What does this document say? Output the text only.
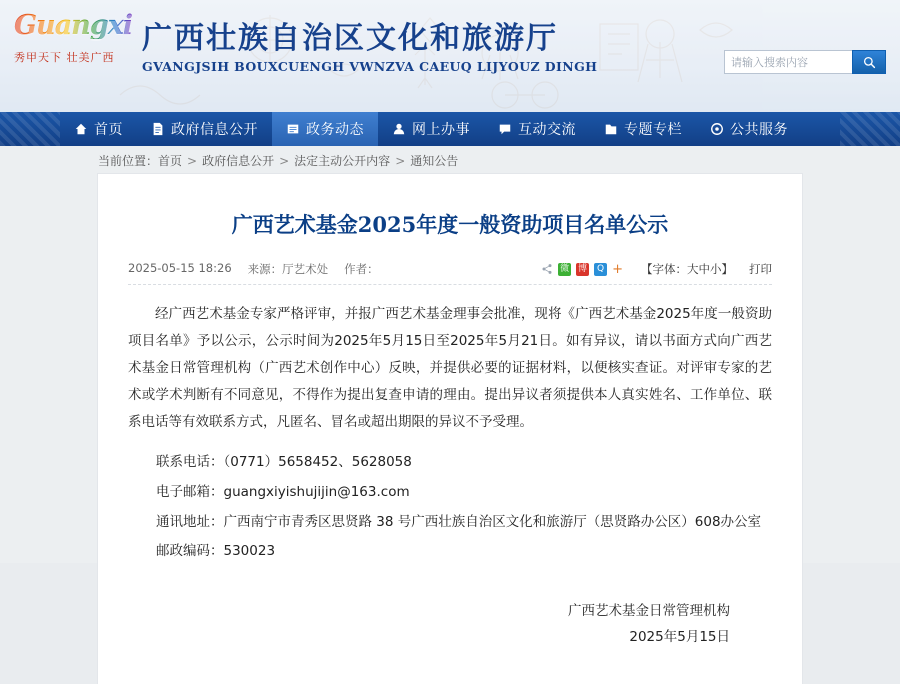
Guangxi
秀甲天下 壮美广西
广西壮族自治区文化和旅游厅
GVANGJSIH BOUXCUENGH VWNZVA CAEUQ LIJYOUZ DINGH
请输入搜索内容
首页	政府信息公开	政务动态	网上办事	互动交流	专题专栏	公共服务
当前位置：首页 > 政府信息公开 > 法定主动公开内容 > 通知公告
广西艺术基金2025年度一般资助项目名单公示
2025-05-15 18:26 来源：厅艺术处 作者：	微 博	Q + 【字体：大中小】 打印

经广西艺术基金专家严格评审，并报广西艺术基金理事会批准，现将《广西艺术基金2025年度一般资助项目名单》予以公示，公示时间为2025年5月15日至2025年5月21日。如有异议，请以书面方式向广西艺术基金日常管理机构（广西艺术创作中心）反映，并提供必要的证据材料，以便核实查证。对评审专家的艺术或学术判断有不同意见，不得作为提出复查申请的理由。提出异议者须提供本人真实姓名、工作单位、联系电话等有效联系方式，凡匿名、冒名或超出期限的异议不予受理。

联系电话：（0771）5658452、5628058

电子邮箱：guangxiyishujijin@163.com

通讯地址：广西南宁市青秀区思贤路 38 号广西壮族自治区文化和旅游厅（思贤路办公区）608办公室

邮政编码：530023

广西艺术基金日常管理机构
2025年5月15日
